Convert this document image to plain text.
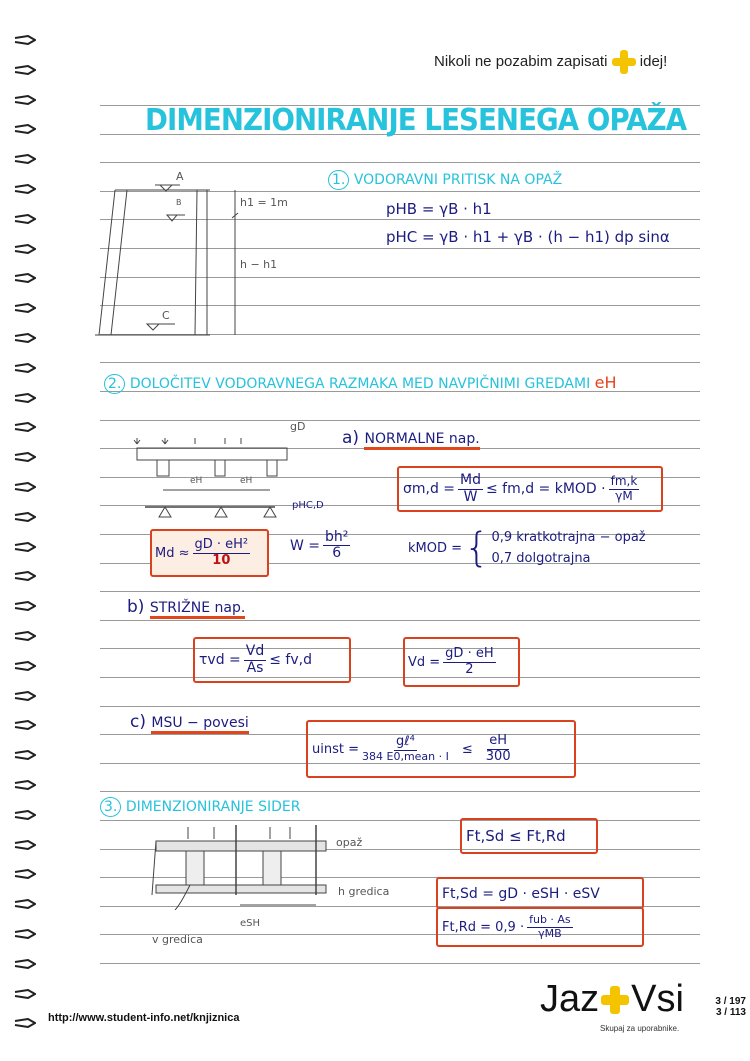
Nikoli ne pozabim zapisati idej!
DIMENZIONIRANJE LESENEGA OPAŽA
1. VODORAVNI PRITISK NA OPAŽ
pHB = γB · h1
pHC = γB · h1 + γB · (h − h1) dp sinα
A
B
C
h1 = 1m
h − h1
2. DOLOČITEV VODORAVNEGA RAZMAKA MED NAVPIČNIMI GREDAMI eH
gD
eH	eH
pHC,D
a) NORMALNE nap.
$\sigma m,d = \frac{Md}{W} \le fm,d$ = kMOD · $\frac{fm,k}{\gamma M}$
$Md \approx \frac{\text{gD · eH²}}{10}$	$W = \frac{\text{bh²}}{6}$	kMOD = { 0,9 kratkotrajna − opaž
0,7 dolgotrajna
b) STRIŽNE nap.
$\tau vd = \frac{Vd}{As} \le fv,d$	$Vd = \frac{gD \cdot eH}{2}$
c) MSU − povesi
uinst = $\frac{\text{gℓ⁴}}{\text{384 E0,mean · I}} \le \frac{eH}{300}$
3. DIMENZIONIRANJE SIDER
opaž
h gredica
v gredica
eSH
Ft,Sd ≤ Ft,Rd
Ft,Sd = gD · eSH · eSV
$Ft,Rd = 0,9 \cdot \frac{\text{fub · As}}{\text{γMB}}$
http://www.student-info.net/knjiznica	Jaz Vsi
Skupaj za uporabnike.
3 / 197
3 / 113
